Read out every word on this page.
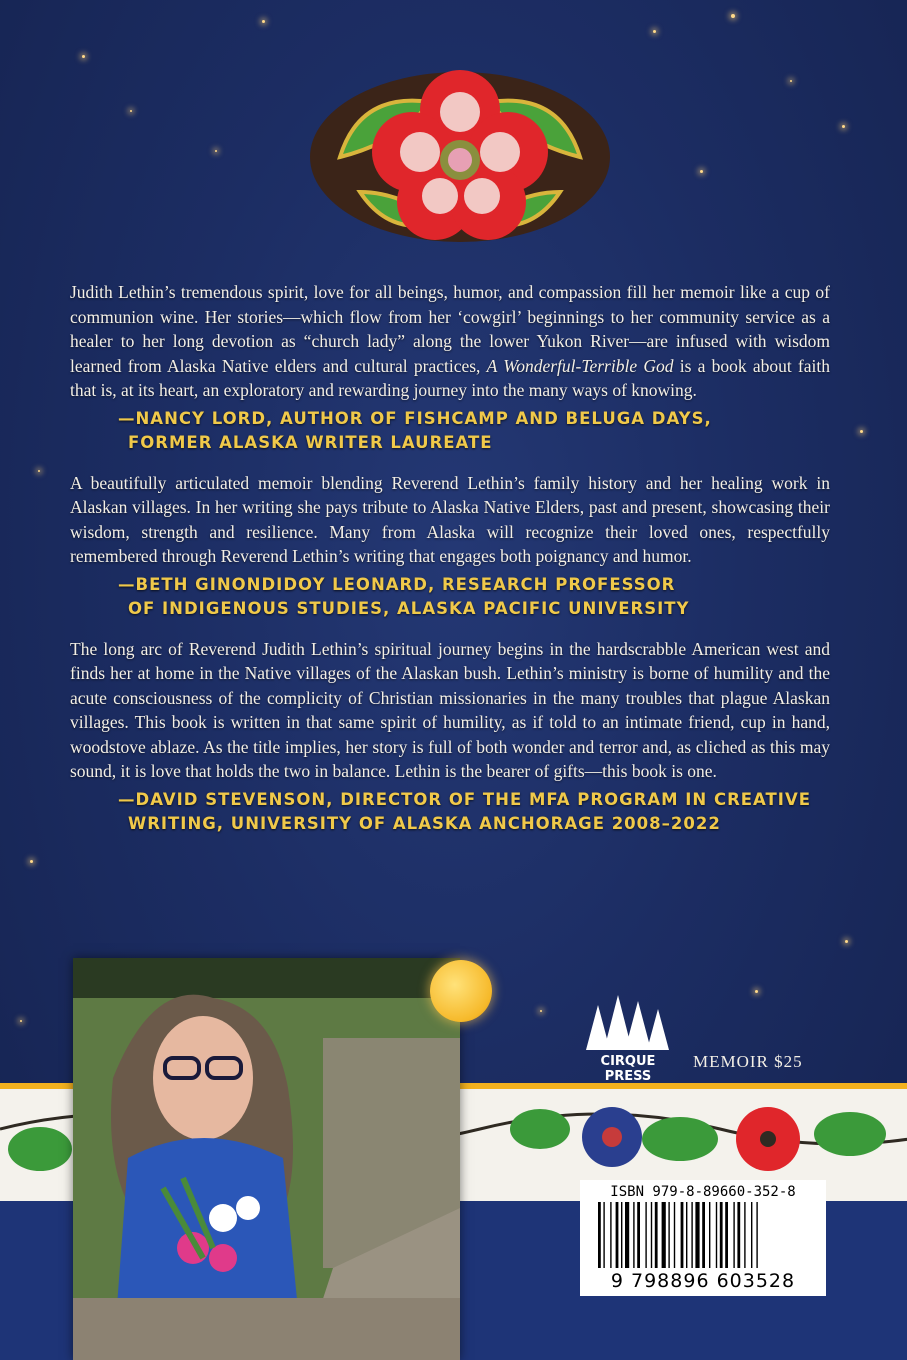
Judith Lethin’s tremendous spirit, love for all beings, humor, and compassion fill her memoir like a cup of communion wine. Her stories—which flow from her ‘cowgirl’ beginnings to her community service as a healer to her long devotion as “church lady” along the lower Yukon River—are infused with wisdom learned from Alaska Native elders and cultural practices, A Wonderful-Terrible God is a book about faith that is, at its heart, an exploratory and rewarding journey into the many ways of knowing.

—NANCY LORD, AUTHOR OF FISHCAMP AND BELUGA DAYS,
FORMER ALASKA WRITER LAUREATE

A beautifully articulated memoir blending Reverend Lethin’s family history and her healing work in Alaskan villages. In her writing she pays tribute to Alaska Native Elders, past and present, showcasing their wisdom, strength and resilience. Many from Alaska will recognize their loved ones, respectfully remembered through Reverend Lethin’s writing that engages both poignancy and humor.

—BETH GINONDIDOY LEONARD, RESEARCH PROFESSOR
OF INDIGENOUS STUDIES, ALASKA PACIFIC UNIVERSITY

The long arc of Reverend Judith Lethin’s spiritual journey begins in the hardscrabble American west and finds her at home in the Native villages of the Alaskan bush. Lethin’s ministry is borne of humility and the acute consciousness of the complicity of Christian missionaries in the many troubles that plague Alaskan villages. This book is written in that same spirit of humility, as if told to an intimate friend, cup in hand, woodstove ablaze. As the title implies, her story is full of both wonder and terror and, as cliched as this may sound, it is love that holds the two in balance. Lethin is the bearer of gifts—this book is one.

—DAVID STEVENSON, DIRECTOR OF THE MFA PROGRAM IN CREATIVE
WRITING, UNIVERSITY OF ALASKA ANCHORAGE 2008–2022
CIRQUE PRESS
MEMOIR $25
ISBN 979-8-89660-352-8
9 798896 603528
